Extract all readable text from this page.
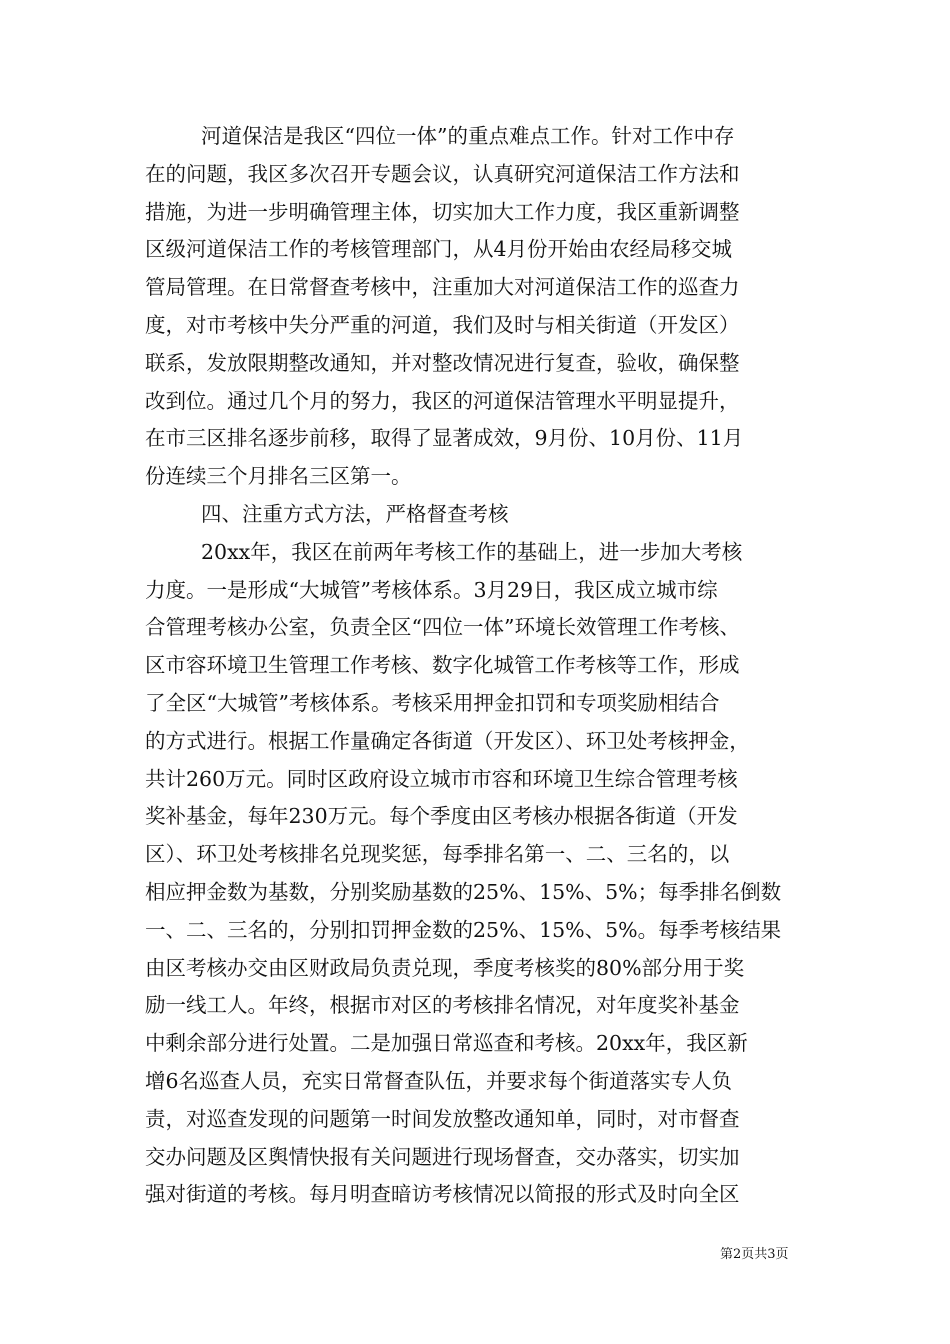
河道保洁是我区“四位一体”的重点难点工作。针对工作中存
在的问题，我区多次召开专题会议，认真研究河道保洁工作方法和
措施，为进一步明确管理主体，切实加大工作力度，我区重新调整
区级河道保洁工作的考核管理部门，从4月份开始由农经局移交城
管局管理。在日常督查考核中，注重加大对河道保洁工作的巡查力
度，对市考核中失分严重的河道，我们及时与相关街道（开发区）
联系，发放限期整改通知，并对整改情况进行复查，验收，确保整
改到位。通过几个月的努力，我区的河道保洁管理水平明显提升，
在市三区排名逐步前移，取得了显著成效，9月份、10月份、11月
份连续三个月排名三区第一。
四、注重方式方法，严格督查考核
20xx年，我区在前两年考核工作的基础上，进一步加大考核
力度。一是形成“大城管”考核体系。3月29日，我区成立城市综
合管理考核办公室，负责全区“四位一体”环境长效管理工作考核、
区市容环境卫生管理工作考核、数字化城管工作考核等工作，形成
了全区“大城管”考核体系。考核采用押金扣罚和专项奖励相结合
的方式进行。根据工作量确定各街道（开发区）、环卫处考核押金，
共计260万元。同时区政府设立城市市容和环境卫生综合管理考核
奖补基金，每年230万元。每个季度由区考核办根据各街道（开发
区）、环卫处考核排名兑现奖惩，每季排名第一、二、三名的，以
相应押金数为基数，分别奖励基数的25%、15%、5%；每季排名倒数
一、二、三名的，分别扣罚押金数的25%、15%、5%。每季考核结果
由区考核办交由区财政局负责兑现，季度考核奖的80%部分用于奖
励一线工人。年终，根据市对区的考核排名情况，对年度奖补基金
中剩余部分进行处置。二是加强日常巡查和考核。20xx年，我区新
增6名巡查人员，充实日常督查队伍，并要求每个街道落实专人负
责，对巡查发现的问题第一时间发放整改通知单，同时，对市督查
交办问题及区舆情快报有关问题进行现场督查，交办落实，切实加
强对街道的考核。每月明查暗访考核情况以简报的形式及时向全区
第2页共3页
